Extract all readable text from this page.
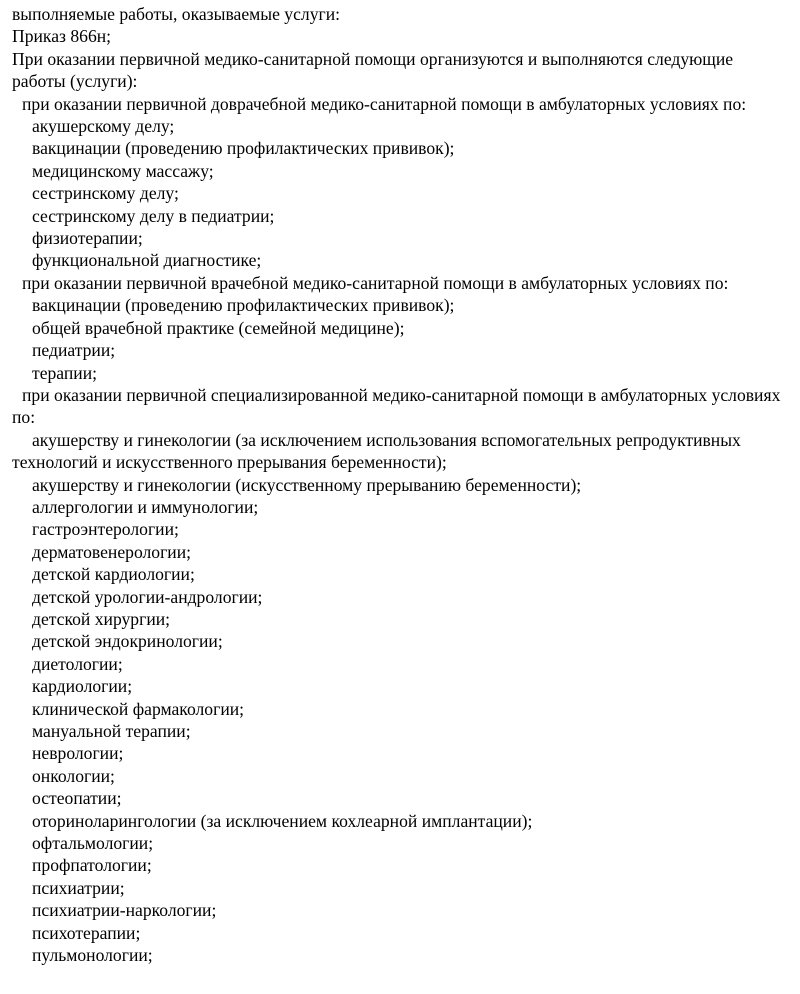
выполняемые работы, оказываемые услуги:

Приказ 866н;

При оказании первичной медико-санитарной помощи организуются и выполняются следующие работы (услуги):

при оказании первичной доврачебной медико-санитарной помощи в амбулаторных условиях по:

акушерскому делу;

вакцинации (проведению профилактических прививок);

медицинскому массажу;

сестринскому делу;

сестринскому делу в педиатрии;

физиотерапии;

функциональной диагностике;

при оказании первичной врачебной медико-санитарной помощи в амбулаторных условиях по:

вакцинации (проведению профилактических прививок);

общей врачебной практике (семейной медицине);

педиатрии;

терапии;

при оказании первичной специализированной медико-санитарной помощи в амбулаторных условиях по:

акушерству и гинекологии (за исключением использования вспомогательных репродуктивных технологий и искусственного прерывания беременности);

акушерству и гинекологии (искусственному прерыванию беременности);

аллергологии и иммунологии;

гастроэнтерологии;

дерматовенерологии;

детской кардиологии;

детской урологии-андрологии;

детской хирургии;

детской эндокринологии;

диетологии;

кардиологии;

клинической фармакологии;

мануальной терапии;

неврологии;

онкологии;

остеопатии;

оториноларингологии (за исключением кохлеарной имплантации);

офтальмологии;

профпатологии;

психиатрии;

психиатрии-наркологии;

психотерапии;

пульмонологии;
